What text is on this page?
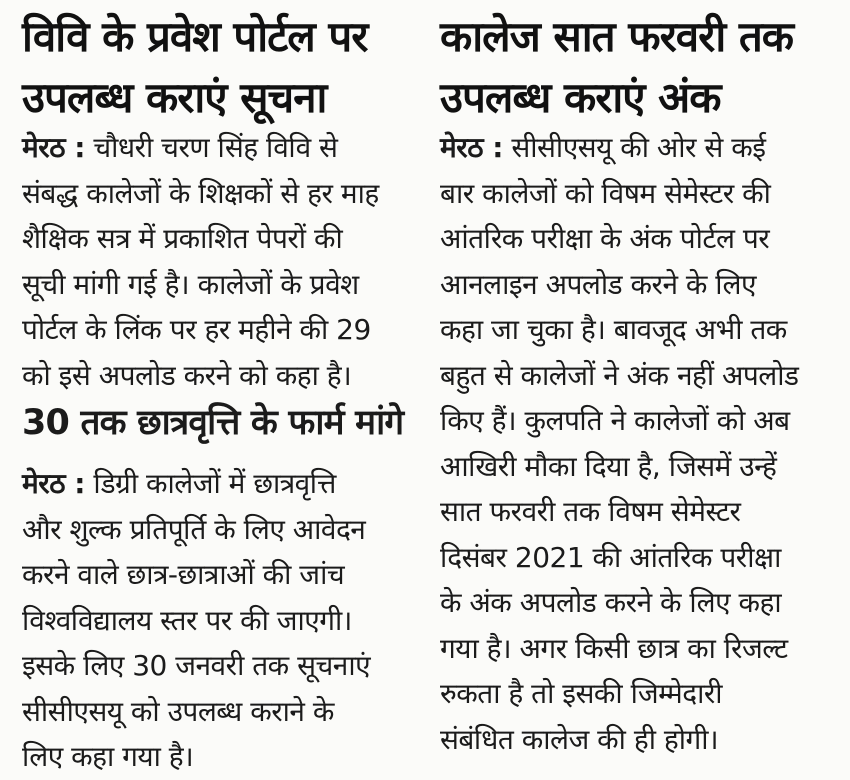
विवि के प्रवेश पोर्टल पर
उपलब्ध कराएं सूचना
मेरठ : चौधरी चरण सिंह विवि से
संबद्ध कालेजों के शिक्षकों से हर माह
शैक्षिक सत्र में प्रकाशित पेपरों की
सूची मांगी गई है। कालेजों के प्रवेश
पोर्टल के लिंक पर हर महीने की 29
को इसे अपलोड करने को कहा है।
30 तक छात्रवृत्ति के फार्म मांगे
मेरठ : डिग्री कालेजों में छात्रवृत्ति
और शुल्क प्रतिपूर्ति के लिए आवेदन
करने वाले छात्र-छात्राओं की जांच
विश्वविद्यालय स्तर पर की जाएगी।
इसके लिए 30 जनवरी तक सूचनाएं
सीसीएसयू को उपलब्ध कराने के
लिए कहा गया है।
कालेज सात फरवरी तक
उपलब्ध कराएं अंक
मेरठ : सीसीएसयू की ओर से कई
बार कालेजों को विषम सेमेस्टर की
आंतरिक परीक्षा के अंक पोर्टल पर
आनलाइन अपलोड करने के लिए
कहा जा चुका है। बावजूद अभी तक
बहुत से कालेजों ने अंक नहीं अपलोड
किए हैं। कुलपति ने कालेजों को अब
आखिरी मौका दिया है, जिसमें उन्हें
सात फरवरी तक विषम सेमेस्टर
दिसंबर 2021 की आंतरिक परीक्षा
के अंक अपलोड करने के लिए कहा
गया है। अगर किसी छात्र का रिजल्ट
रुकता है तो इसकी जिम्मेदारी
संबंधित कालेज की ही होगी।
